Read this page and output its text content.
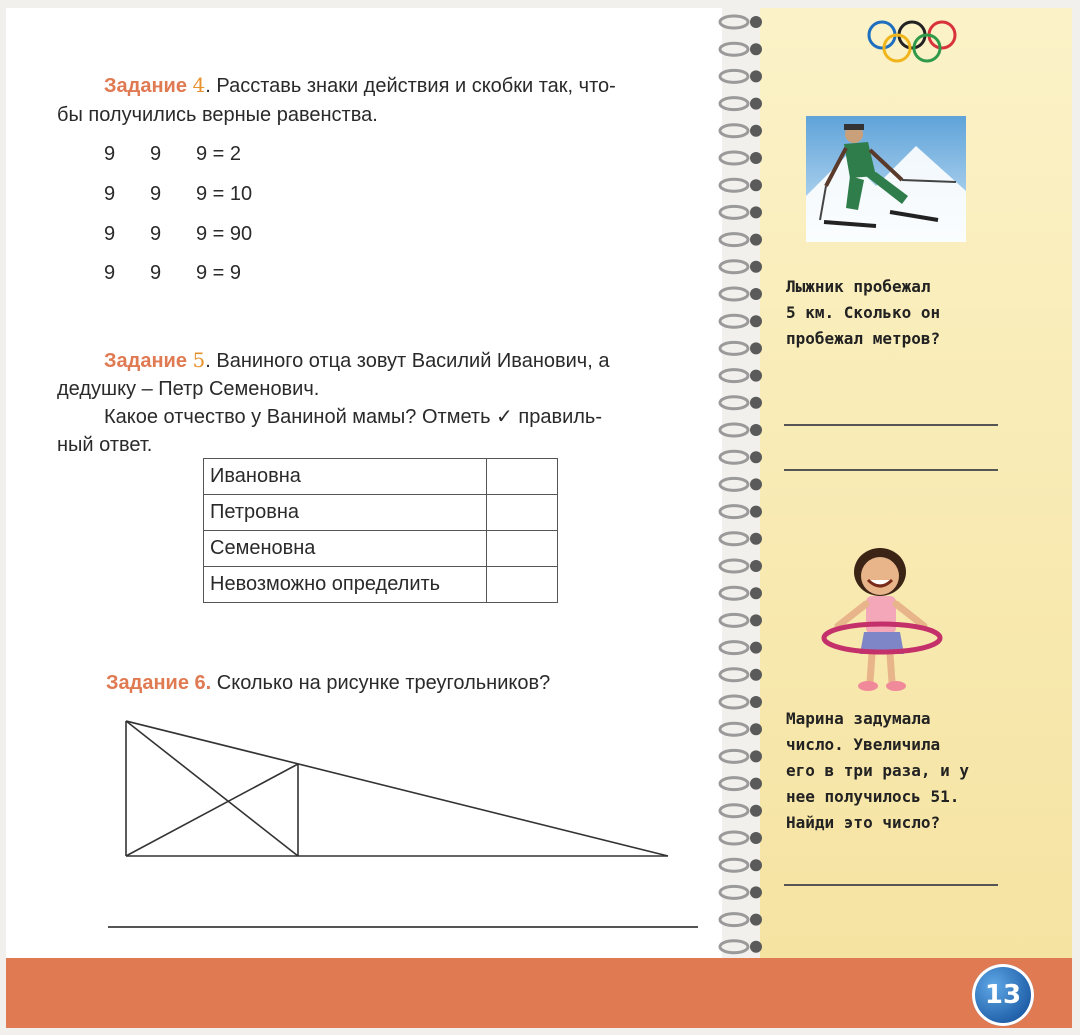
Задание 4. Расставь знаки действия и скобки так, что-
бы получились верные равенства.
9 9 9 = 2
9 9 9 = 10
9 9 9 = 90
9 9 9 = 9
Задание 5. Ваниного отца зовут Василий Иванович, а
дедушку – Петр Семенович.
Какое отчество у Ваниной мамы? Отметь ✓ правиль-
ный ответ.
Ивановна	
Петровна	
Семеновна	
Невозможно определить	
Задание 6. Сколько на рисунке треугольников?
Лыжник пробежал
5 км. Сколько он
пробежал метров?
Марина задумала
число. Увеличила
его в три раза, и у
нее получилось 51.
Найди это число?
13
